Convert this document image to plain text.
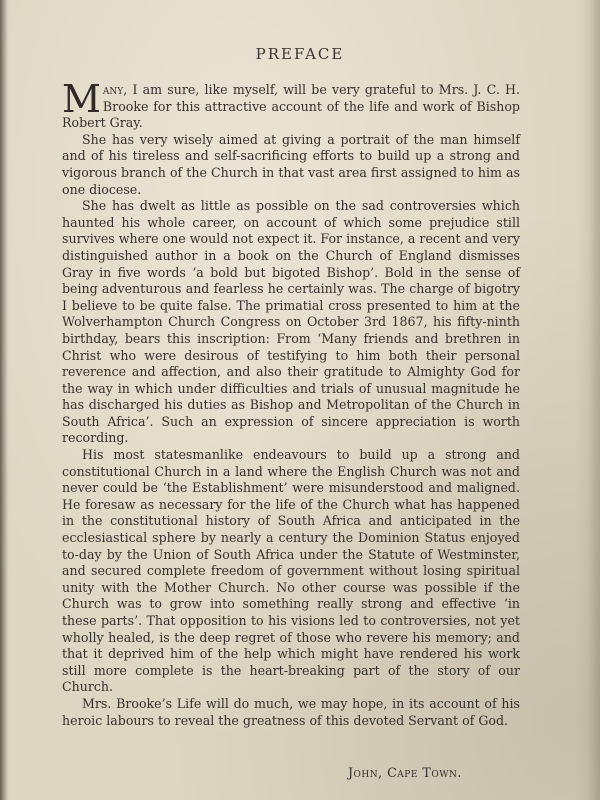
PREFACE

Many, I am sure, like myself, will be very grateful to Mrs. J. C. H. Brooke for this attractive account of the life and work of Bishop Robert Gray.

She has very wisely aimed at giving a portrait of the man himself and of his tireless and self-sacrificing efforts to build up a strong and vigorous branch of the Church in that vast area first assigned to him as one diocese.

She has dwelt as little as possible on the sad controversies which haunted his whole career, on account of which some prejudice still survives where one would not expect it. For instance, a recent and very distinguished author in a book on the Church of England dismisses Gray in five words ‘a bold but bigoted Bishop’. Bold in the sense of being adventurous and fearless he certainly was. The charge of bigotry I believe to be quite false. The primatial cross presented to him at the Wolverhampton Church Congress on October 3rd 1867, his fifty-ninth birthday, bears this inscription: From ‘Many friends and brethren in Christ who were desirous of testifying to him both their personal reverence and affection, and also their gratitude to Almighty God for the way in which under difficulties and trials of unusual magnitude he has discharged his duties as Bishop and Metropolitan of the Church in South Africa’. Such an expression of sincere appreciation is worth recording.

His most statesmanlike endeavours to build up a strong and constitutional Church in a land where the English Church was not and never could be ‘the Establishment’ were misunderstood and maligned. He foresaw as necessary for the life of the Church what has happened in the constitutional history of South Africa and anticipated in the ecclesiastical sphere by nearly a century the Dominion Status enjoyed to-day by the Union of South Africa under the Statute of Westminster, and secured complete freedom of government without losing spiritual unity with the Mother Church. No other course was possible if the Church was to grow into something really strong and effective ‘in these parts’. That opposition to his visions led to controversies, not yet wholly healed, is the deep regret of those who revere his memory; and that it deprived him of the help which might have rendered his work still more complete is the heart-breaking part of the story of our Church.

Mrs. Brooke’s Life will do much, we may hope, in its account of his heroic labours to reveal the greatness of this devoted Servant of God.

John, Cape Town.
